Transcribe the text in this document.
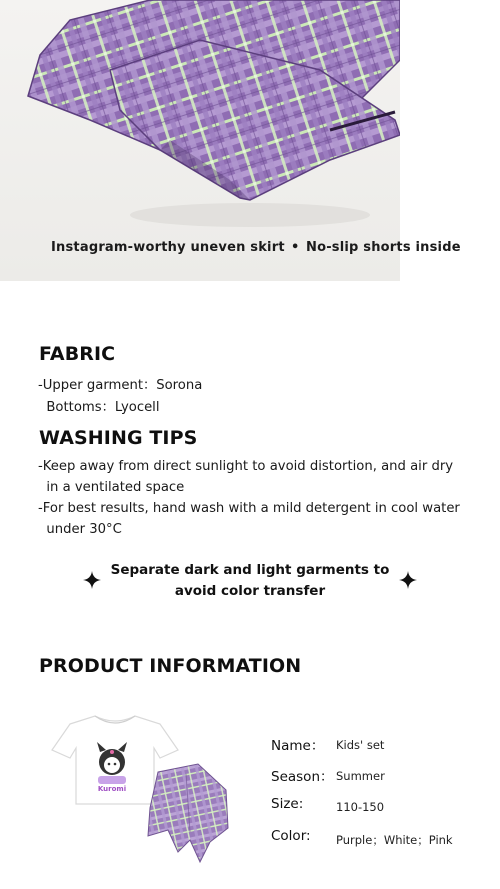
Instagram-worthy uneven skirt • No-slip shorts inside
FABRIC
-Upper garment：Sorona
Bottoms：Lyocell
WASHING TIPS
-Keep away from direct sunlight to avoid distortion, and air dry
in a ventilated space
-For best results, hand wash with a mild detergent in cool water
under 30°C
Separate dark and light garments to
avoid color transfer
PRODUCT INFORMATION
Kuromi
Name： Kids' set
Season： Summer
Size:	110-150
Color: Purple；White；Pink
